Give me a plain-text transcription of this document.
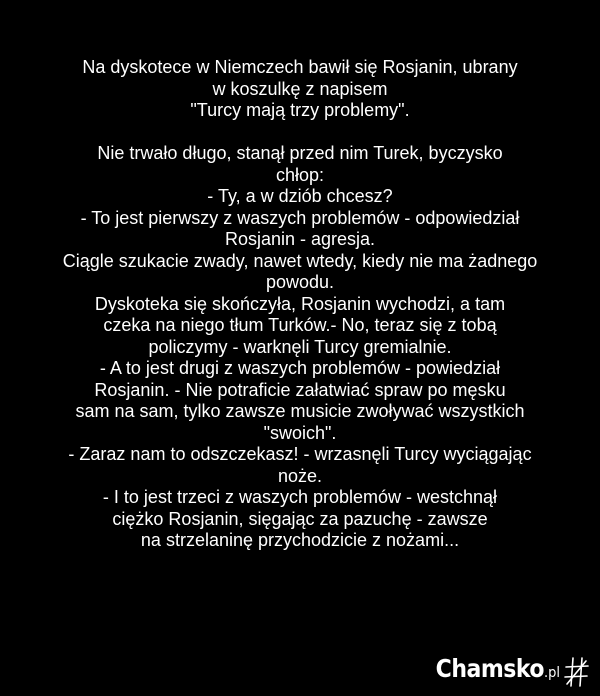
Na dyskotece w Niemczech bawił się Rosjanin, ubrany
w koszulkę z napisem
"Turcy mają trzy problemy".
Nie trwało długo, stanął przed nim Turek, byczysko
chłop:
- Ty, a w dziób chcesz?
- To jest pierwszy z waszych problemów - odpowiedział
Rosjanin - agresja.
Ciągle szukacie zwady, nawet wtedy, kiedy nie ma żadnego
powodu.
Dyskoteka się skończyła, Rosjanin wychodzi, a tam
czeka na niego tłum Turków.- No, teraz się z tobą
policzymy - warknęli Turcy gremialnie.
- A to jest drugi z waszych problemów - powiedział
Rosjanin. - Nie potraficie załatwiać spraw po męsku
sam na sam, tylko zawsze musicie zwoływać wszystkich
"swoich".
- Zaraz nam to odszczekasz! - wrzasnęli Turcy wyciągając
noże.
- I to jest trzeci z waszych problemów - westchnął
ciężko Rosjanin, sięgając za pazuchę - zawsze
na strzelaninę przychodzicie z nożami...
Chamsko.pl
